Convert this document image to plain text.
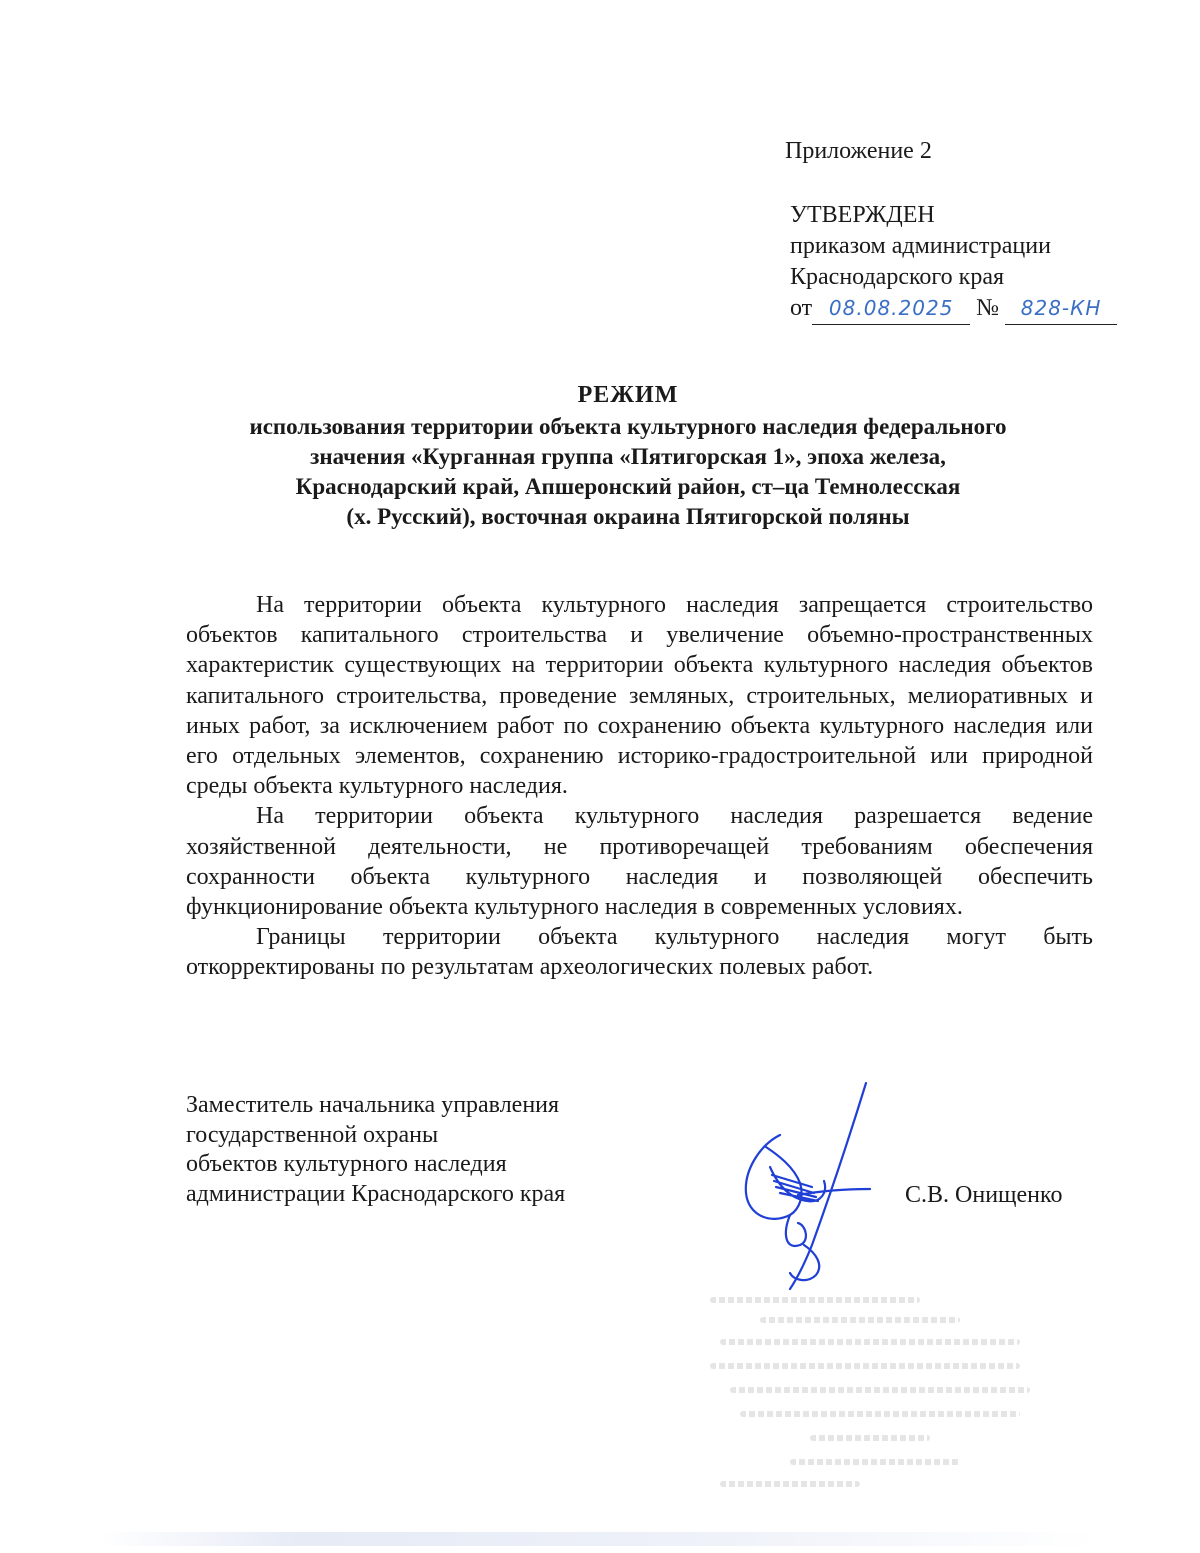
Приложение 2
УТВЕРЖДЕН
приказом администрации
Краснодарского края
от 08.08.2025 № 828-КН
РЕЖИМ
использования территории объекта культурного наследия федерального
значения «Курганная группа «Пятигорская 1», эпоха железа,
Краснодарский край, Апшеронский район, ст–ца Темнолесская
(х. Русский), восточная окраина Пятигорской поляны

На территории объекта культурного наследия запрещается строительство объектов капитального строительства и увеличение объемно-пространственных характеристик существующих на территории объекта культурного наследия объектов капитального строительства, проведение земляных, строительных, мелиоративных и иных работ, за исключением работ по сохранению объекта культурного наследия или его отдельных элементов, сохранению историко-градостроительной или природной среды объекта культурного наследия.

На территории объекта культурного наследия разрешается ведение хозяйственной деятельности, не противоречащей требованиям обеспечения сохранности объекта культурного наследия и позволяющей обеспечить функционирование объекта культурного наследия в современных условиях.

Границы территории объекта культурного наследия могут быть откорректированы по результатам археологических полевых работ.

Заместитель начальника управления
государственной охраны
объектов культурного наследия
администрации Краснодарского края	С.В. Онищенко
